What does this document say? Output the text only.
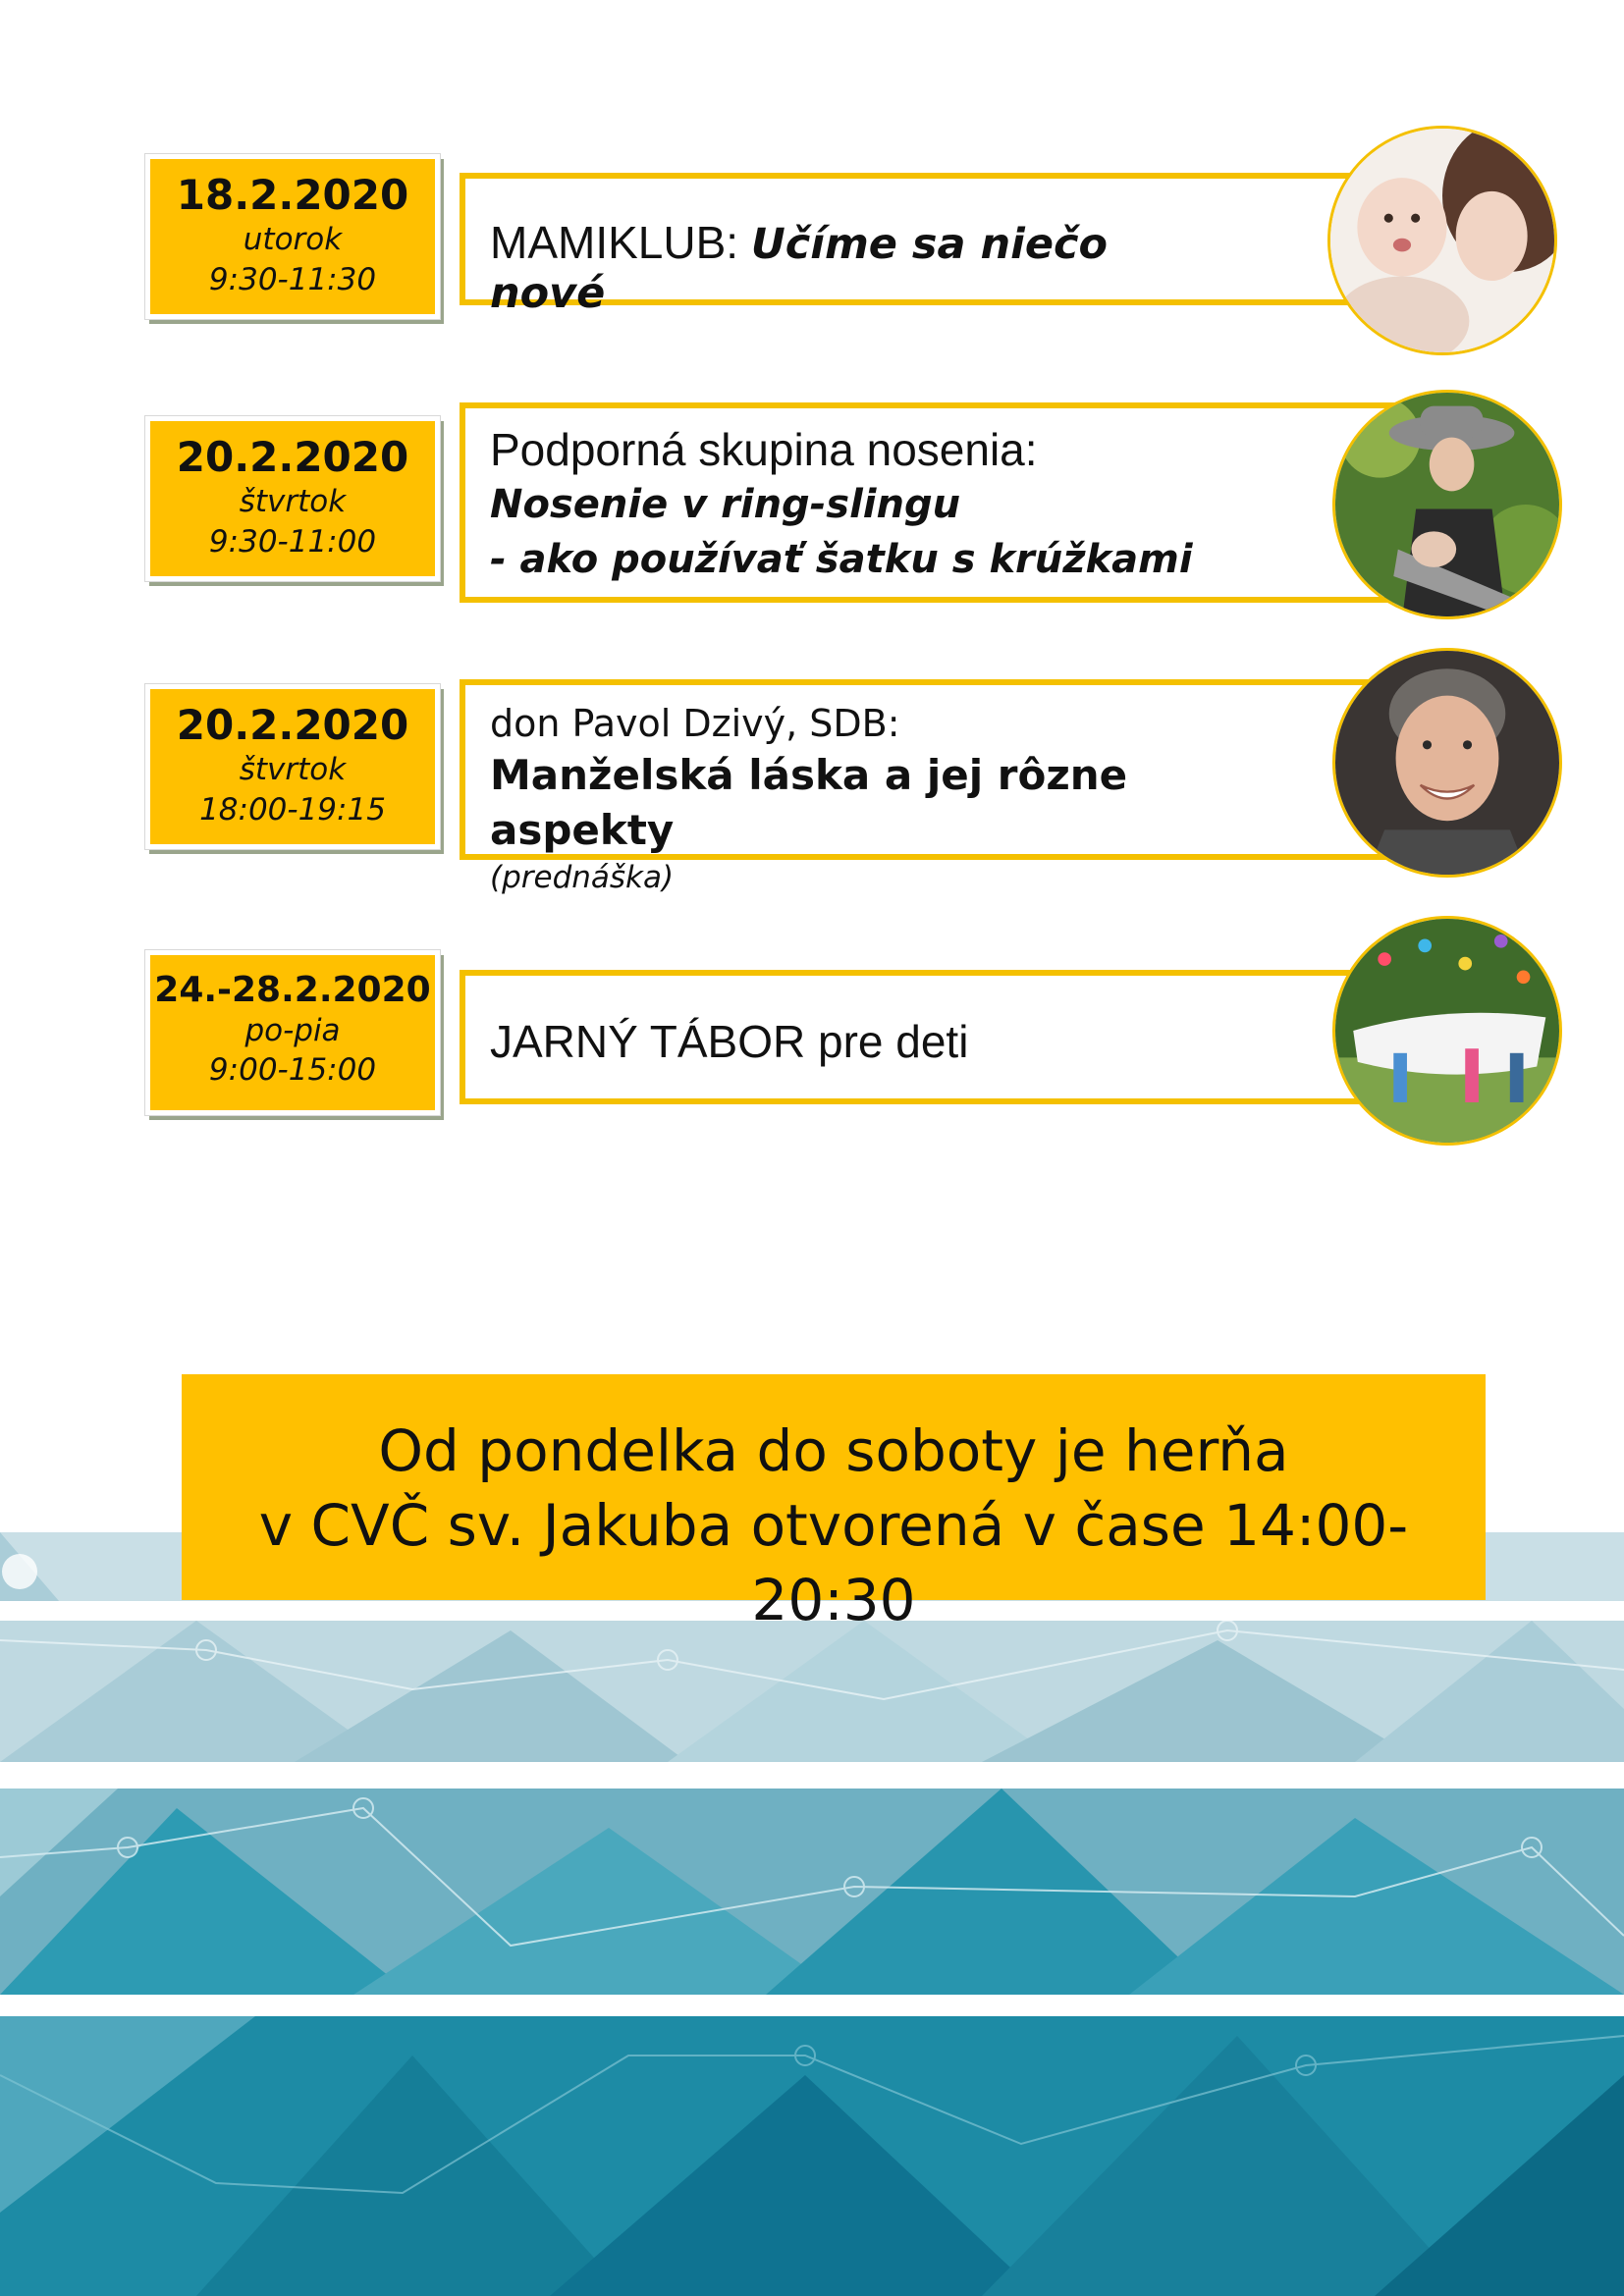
18.2.2020
utorok
9:30-11:30
MAMIKLUB: Učíme sa niečo nové
20.2.2020
štvrtok
9:30-11:00
Podporná skupina nosenia:
Nosenie v ring-slingu
- ako používať šatku s krúžkami
20.2.2020
štvrtok
18:00-19:15
don Pavol Dzivý, SDB:
Manželská láska a jej rôzne aspekty
(prednáška)
24.-28.2.2020
po-pia
9:00-15:00
JARNÝ TÁBOR pre deti
Od pondelka do soboty je herňa
v CVČ sv. Jakuba otvorená v čase 14:00-20:30
